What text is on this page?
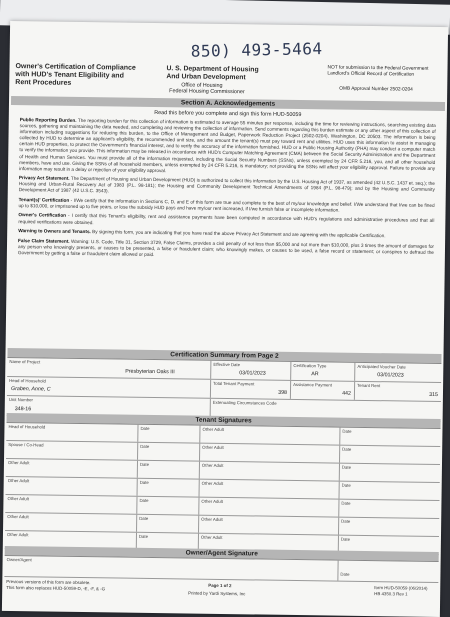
850) 493-5464
Owner's Certification of Compliance with HUD's Tenant Eligibility and Rent Procedures
U. S. Department of Housing
And Urban Development
Office of Housing
Federal Housing Commissioner
NOT for submission to the Federal Government Landlord's Official Record of Certification
OMB Approval Number 2502-0204
Section A. Acknowledgements
Read this before you complete and sign this form HUD-50059

Public Reporting Burden. The reporting burden for this collection of information is estimated to average 55 minutes per response, including the time for reviewing instructions, searching existing data sources, gathering and maintaining the data needed, and completing and reviewing the collection of information. Send comments regarding this burden estimate or any other aspect of this collection of information including suggestions for reducing this burden, to the Office of Management and Budget, Paperwork Reduction Project (2502-0204), Washington, DC 20503. The information is being collected by HUD to determine an applicant's eligibility, the recommended unit size, and the amount the tenant(s) must pay toward rent and utilities. HUD uses this information to assist in managing certain HUD properties, to protect the Government's financial interest, and to verify the accuracy of the information furnished. HUD or a Public Housing Authority (PHA) may conduct a computer match to verify the information you provide. This information may be released in accordance with HUD's Computer Matching Agreement (CMA) between the Social Security Administration and the Department of Health and Human Services. You must provide all of the information requested, including the Social Security Numbers (SSNs), unless exempted by 24 CFR 5.216, you, and all other household members, have and use. Giving the SSNs of all household members, unless exempted by 24 CFR 5.216, is mandatory; not providing the SSNs will affect your eligibility approval. Failure to provide any information may result in a delay or rejection of your eligibility approval.

Privacy Act Statement. The Department of Housing and Urban Development (HUD) is authorized to collect this information by the U.S. Housing Act of 1937, as amended (42 U.S.C. 1437 et. seq.); the Housing and Urban-Rural Recovery Act of 1983 (P.L. 98-181); the Housing and Community Development Technical Amendments of 1984 (P.L. 98-479); and by the Housing and Community Development Act of 1987 (42 U.S.C. 3543).

Tenant(s)' Certification - I/We certify that the information in Sections C, D, and E of this form are true and complete to the best of my/our knowledge and belief. I/We understand that I/we can be fined up to $10,000, or imprisoned up to five years, or lose the subsidy HUD pays and have my/our rent increased, if I/we furnish false or incomplete information.

Owner's Certification - I certify that this Tenant's eligibility, rent and assistance payments have been computed in accordance with HUD's regulations and administrative procedures and that all required verifications were obtained.

Warning to Owners and Tenants. By signing this form, you are indicating that you have read the above Privacy Act Statement and are agreeing with the applicable Certification.

False Claim Statement. Warning: U.S. Code, Title 31, Section 3729, False Claims, provides a civil penalty of not less than $5,000 and not more than $10,000, plus 3 times the amount of damages for any person who knowingly presents, or causes to be presented, a false or fraudulent claim; who knowingly makes, or causes to be used, a false record or statement; or conspires to defraud the Government by getting a false or fraudulent claim allowed or paid.

Certification Summary from Page 2
Name of Project
Presbyterian Oaks III
Effective Date
03/01/2023
Certification Type
AR
Anticipated Voucher Date
03/01/2023
Head of Household
Graben, Anne, C
Total Tenant Payment
398
Assistance Payment
442
Tenant Rent
315
Unit Number
348-16
Extenuating Circumstances Code
Tenant Signatures
Head of Household	Date	Other Adult	Date
Spouse / Co-Head	Date	Other Adult	Date
Other Adult	Date	Other Adult	Date
Other Adult	Date	Other Adult	Date
Other Adult	Date	Other Adult	Date
Other Adult	Date	Other Adult	Date
Other Adult	Date	Other Adult	Date
Owner/Agent Signature
Owner/Agent
Date
Previous versions of this form are obsolete.
This form also replaces HUD-50059-D, -E, -F, & -G	Page 1 of 2
Printed by Yardi Systems, Inc
form HUD-50059 (06/2014)
HB 4350.3 Rev 1
